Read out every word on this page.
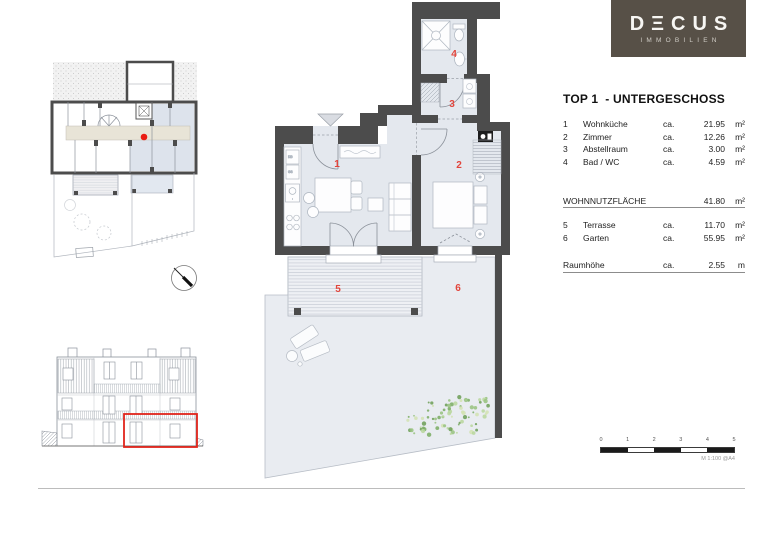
DΞCUS
IMMOBILIEN
TOP 1  - UNTERGESCHOSS
1	Wohnküche	ca.	21.95	m²
2	Zimmer	ca.	12.26	m²
3	Abstellraum	ca.	3.00	m²
4	Bad / WC	ca.	4.59	m²
WOHNNUTZFLÄCHE	41.80	m²
5	Terrasse	ca.	11.70	m²
6	Garten	ca.	55.95	m²
Raumhöhe	ca.	2.55	m
KG
GS
1	2
3
4
5	6
0	1	2	3	4	5
M 1:100 @A4
